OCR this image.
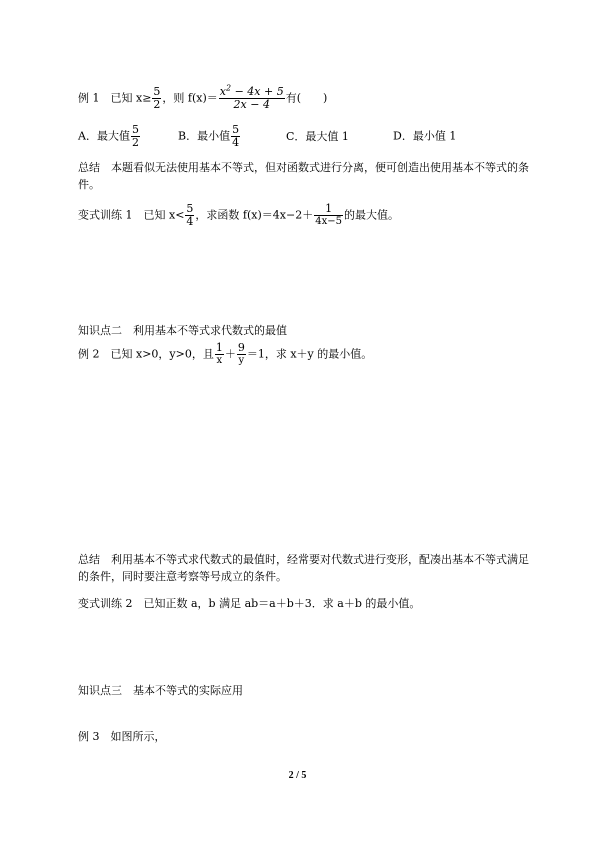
例 1　已知 $x\ge \frac{5}{2}$ ，则 $f(x)= \frac{x^2 - 4x + 5}{2x - 4}$ 有(　　)
A．最大值 $\frac{5}{2}$	B．最小值 $\frac{5}{4}$	C．最大值 1	D．最小值 1
总结　本题看似无法使用基本不等式，但对函数式进行分离，便可创造出使用基本不等式的条件。
变式训练 1　已知 $x< \frac{5}{4}$ ，求函数 $f(x)=4x-2+ \frac{1}{4x-5}$ 的最大值。
知识点二　利用基本不等式求代数式的最值
例 2　已知 x>0，y>0，且 $\frac{1}{x} + \frac{9}{y} =1$，求 x＋y 的最小值。
总结　利用基本不等式求代数式的最值时，经常要对代数式进行变形，配凑出基本不等式满足的条件，同时要注意考察等号成立的条件。
变式训练 2　已知正数 a，b 满足 ab＝a＋b＋3．求 a＋b 的最小值。
知识点三　基本不等式的实际应用
例 3　如图所示，
2 / 5
